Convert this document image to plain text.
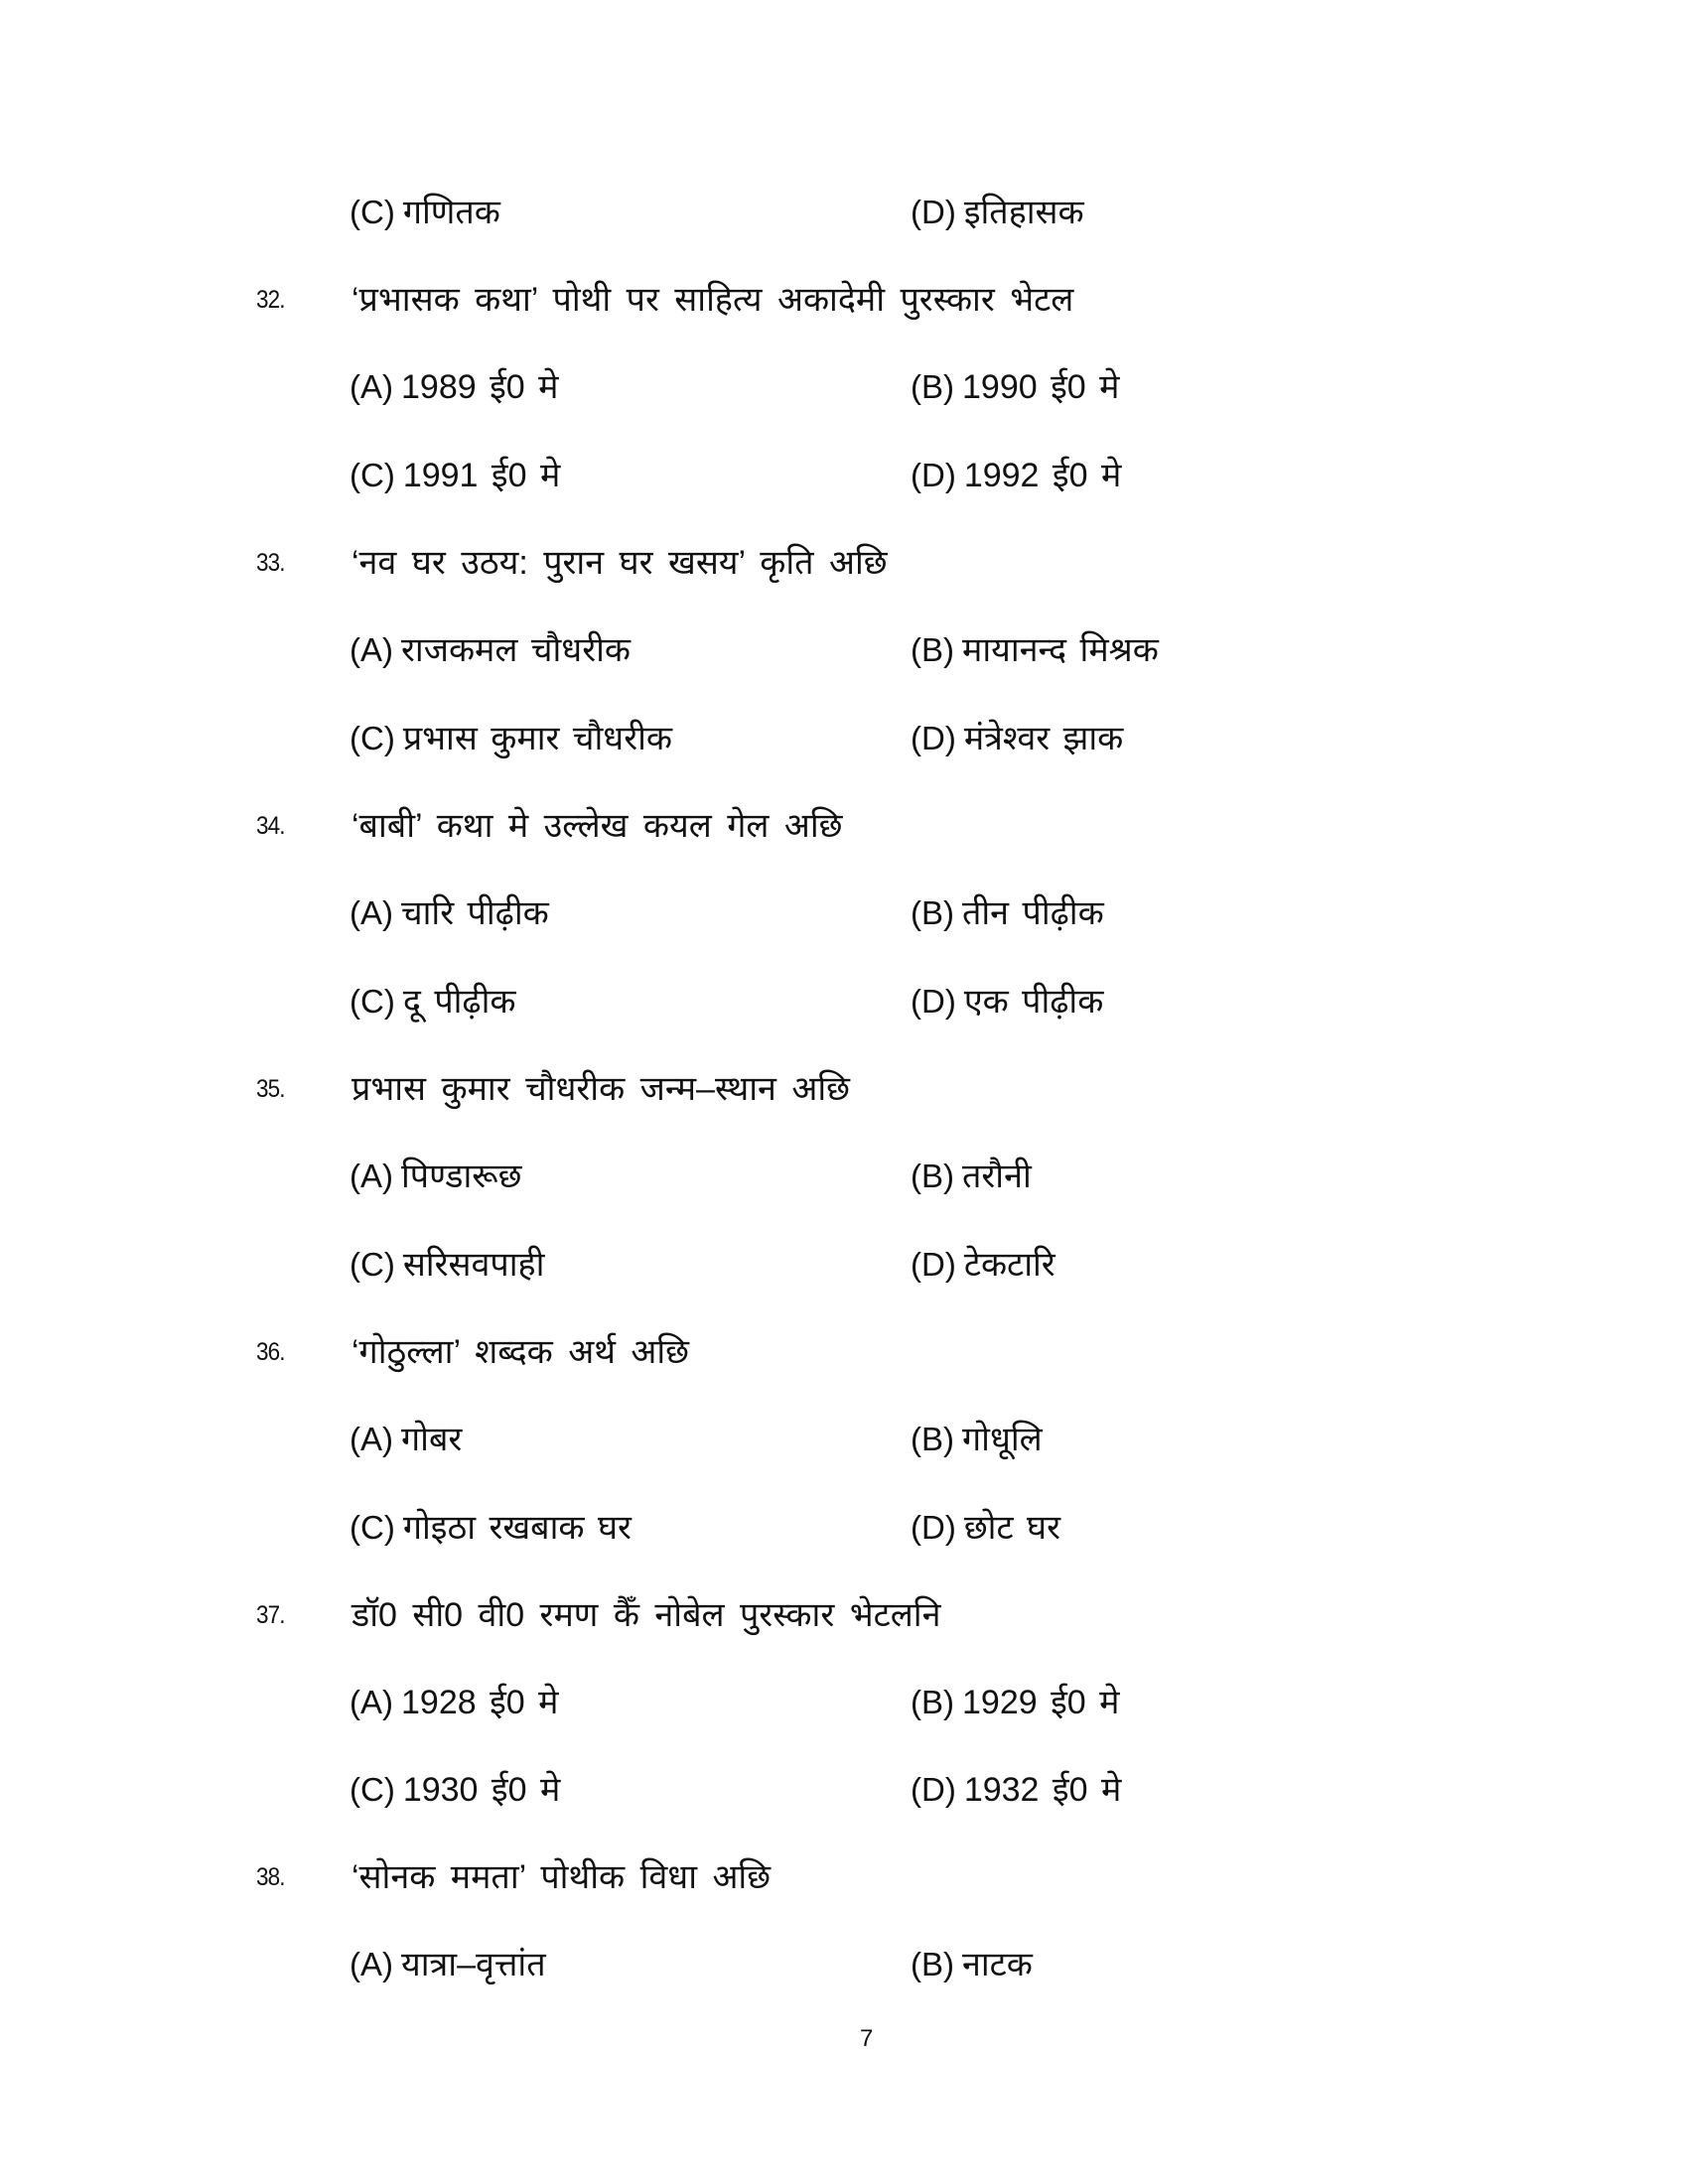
(C) गणितक	(D) इतिहासक
32. ‘प्रभासक कथा’ पोथी पर साहित्य अकादेमी पुरस्कार भेटल
(A) 1989 ई0 मे	(B) 1990 ई0 मे
(C) 1991 ई0 मे	(D) 1992 ई0 मे
33. ‘नव घर उठय: पुरान घर खसय’ कृति अछि
(A) राजकमल चौधरीक	(B) मायानन्द मिश्रक
(C) प्रभास कुमार चौधरीक	(D) मंत्रेश्वर झाक
34. ‘बाबी’ कथा मे उल्लेख कयल गेल अछि
(A) चारि पीढ़ीक	(B) तीन पीढ़ीक
(C) दू पीढ़ीक	(D) एक पीढ़ीक
35. प्रभास कुमार चौधरीक जन्म–स्थान अछि
(A) पिण्डारूछ	(B) तरौनी
(C) सरिसवपाही	(D) टेकटारि
36. ‘गोठुल्ला’ शब्दक अर्थ अछि
(A) गोबर	(B) गोधूलि
(C) गोइठा रखबाक घर	(D) छोट घर
37. डॉ0 सी0 वी0 रमण कैँ नोबेल पुरस्कार भेटलनि
(A) 1928 ई0 मे	(B) 1929 ई0 मे
(C) 1930 ई0 मे	(D) 1932 ई0 मे
38. ‘सोनक ममता’ पोथीक विधा अछि
(A) यात्रा–वृत्तांत	(B) नाटक
7
